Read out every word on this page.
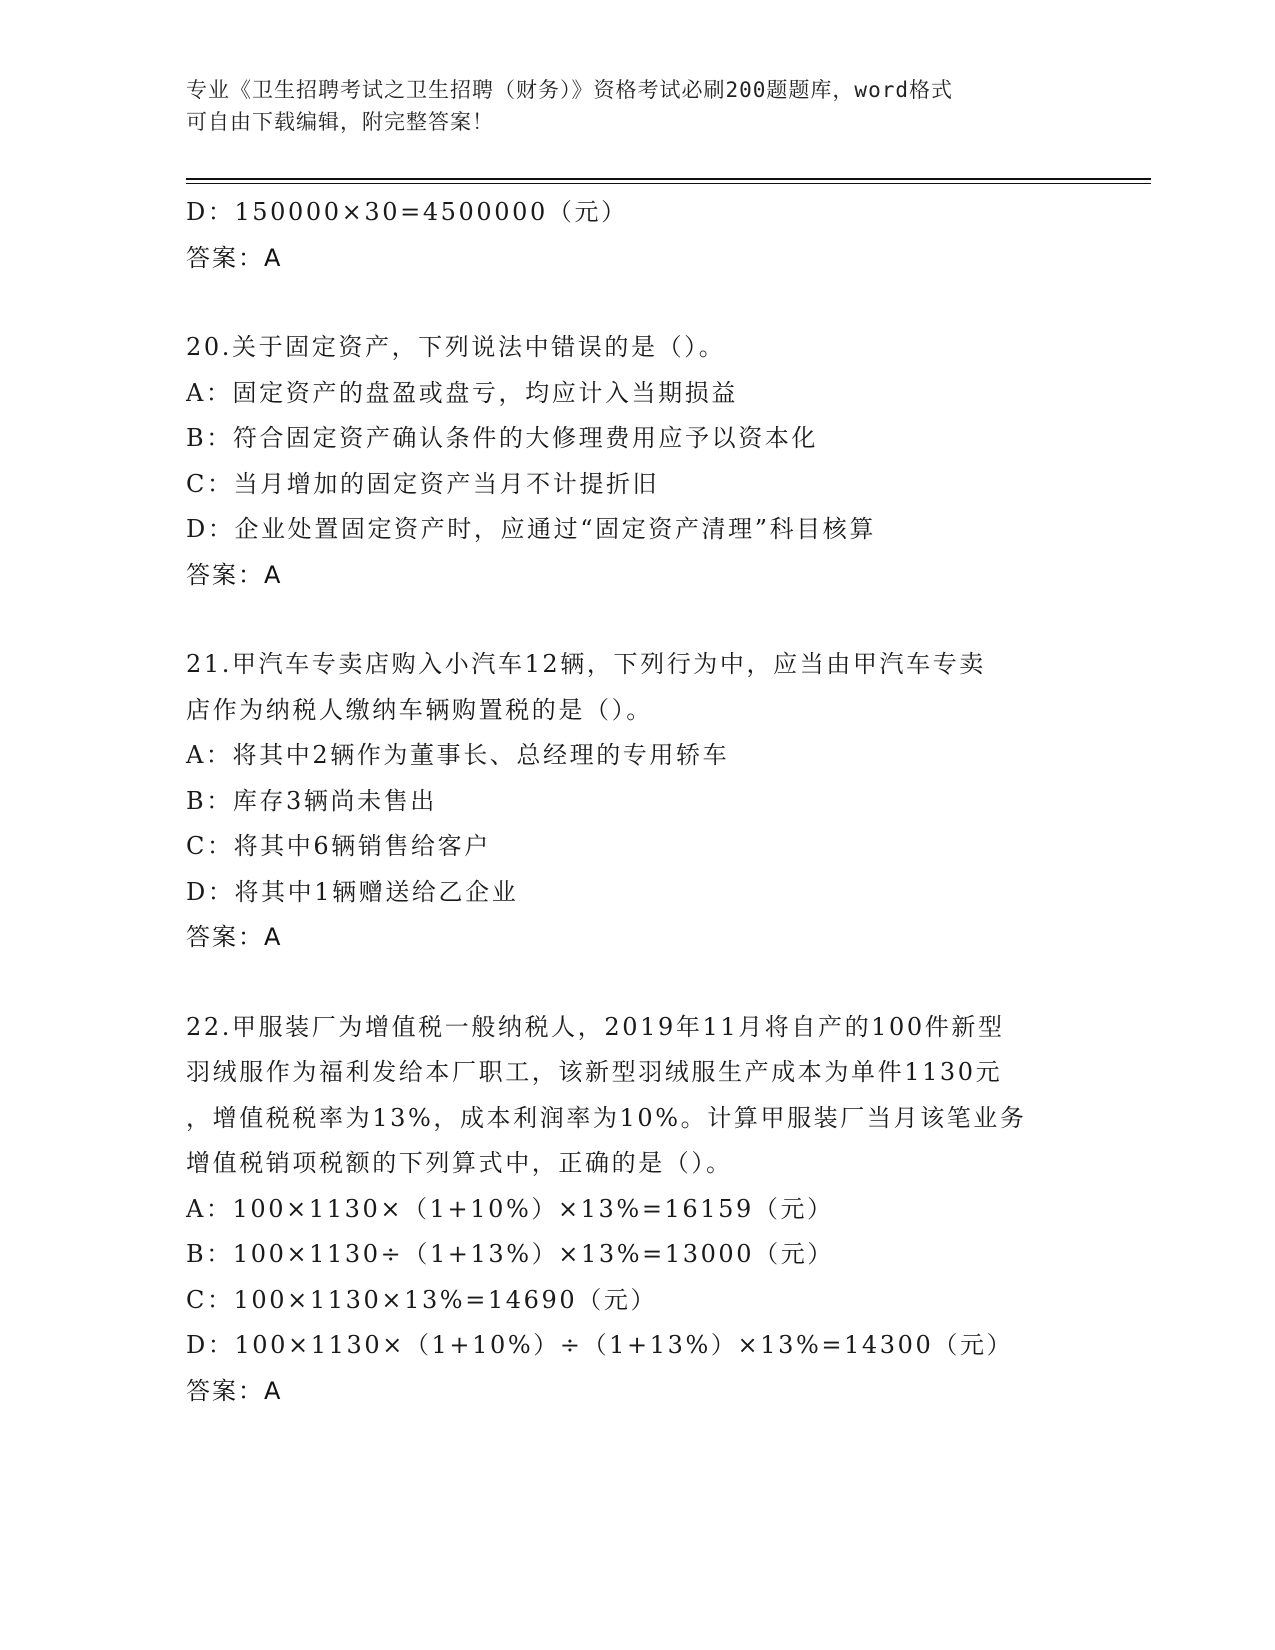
专业《卫生招聘考试之卫生招聘（财务）》资格考试必刷200题题库，word格式
可自由下载编辑，附完整答案！
D：150000×30=4500000（元）
答案：A
20.关于固定资产，下列说法中错误的是（）。
A：固定资产的盘盈或盘亏，均应计入当期损益
B：符合固定资产确认条件的大修理费用应予以资本化
C：当月增加的固定资产当月不计提折旧
D：企业处置固定资产时，应通过“固定资产清理”科目核算
答案：A
21.甲汽车专卖店购入小汽车12辆，下列行为中，应当由甲汽车专卖
店作为纳税人缴纳车辆购置税的是（）。
A：将其中2辆作为董事长、总经理的专用轿车
B：库存3辆尚未售出
C：将其中6辆销售给客户
D：将其中1辆赠送给乙企业
答案：A
22.甲服装厂为增值税一般纳税人，2019年11月将自产的100件新型
羽绒服作为福利发给本厂职工，该新型羽绒服生产成本为单件1130元
，增值税税率为13%，成本利润率为10%。计算甲服装厂当月该笔业务
增值税销项税额的下列算式中，正确的是（）。
A：100×1130×（1+10%）×13%=16159（元）
B：100×1130÷（1+13%）×13%=13000（元）
C：100×1130×13%=14690（元）
D：100×1130×（1+10%）÷（1+13%）×13%=14300（元）
答案：A
